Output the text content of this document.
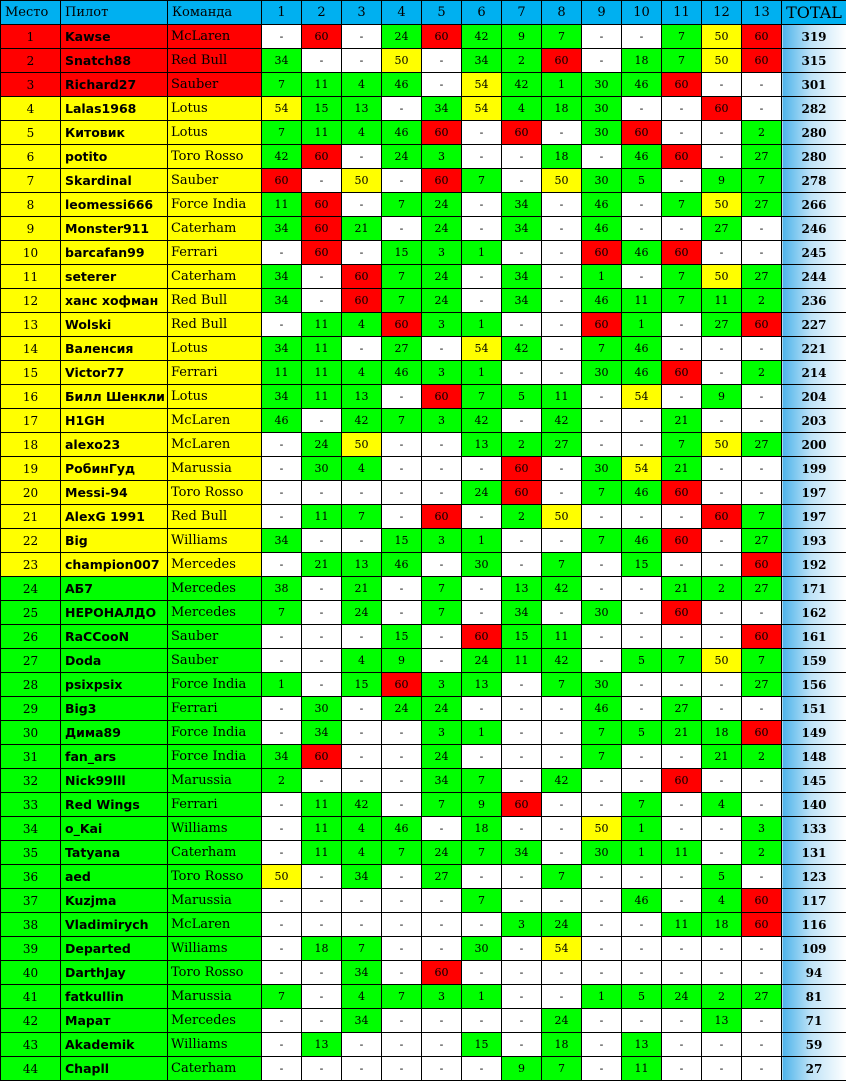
Место	Пилот	Команда	1	2	3	4	5	6	7	8	9	10	11	12	13	TOTAL
1	Kawse	McLaren	-	60	-	24	60	42	9	7	-	-	7	50	60	319
2	Snatch88	Red Bull	34	-	-	50	-	34	2	60	-	18	7	50	60	315
3	Richard27	Sauber	7	11	4	46	-	54	42	1	30	46	60	-	-	301
4	Lalas1968	Lotus	54	15	13	-	34	54	4	18	30	-	-	60	-	282
5	Китовик	Lotus	7	11	4	46	60	-	60	-	30	60	-	-	2	280
6	potito	Toro Rosso	42	60	-	24	3	-	-	18	-	46	60	-	27	280
7	Skardinal	Sauber	60	-	50	-	60	7	-	50	30	5	-	9	7	278
8	leomessi666	Force India	11	60	-	7	24	-	34	-	46	-	7	50	27	266
9	Monster911	Caterham	34	60	21	-	24	-	34	-	46	-	-	27	-	246
10	barcafan99	Ferrari	-	60	-	15	3	1	-	-	60	46	60	-	-	245
11	seterer	Caterham	34	-	60	7	24	-	34	-	1	-	7	50	27	244
12	ханс хофман	Red Bull	34	-	60	7	24	-	34	-	46	11	7	11	2	236
13	Wolski	Red Bull	-	11	4	60	3	1	-	-	60	1	-	27	60	227
14	Валенсия	Lotus	34	11	-	27	-	54	42	-	7	46	-	-	-	221
15	Victor77	Ferrari	11	11	4	46	3	1	-	-	30	46	60	-	2	214
16	Билл Шенкли	Lotus	34	11	13	-	60	7	5	11	-	54	-	9	-	204
17	H1GH	McLaren	46	-	42	7	3	42	-	42	-	-	21	-	-	203
18	alexo23	McLaren	-	24	50	-	-	13	2	27	-	-	7	50	27	200
19	РобинГуд	Marussia	-	30	4	-	-	-	60	-	30	54	21	-	-	199
20	Messi-94	Toro Rosso	-	-	-	-	-	24	60	-	7	46	60	-	-	197
21	AlexG 1991	Red Bull	-	11	7	-	60	-	2	50	-	-	-	60	7	197
22	Big	Williams	34	-	-	15	3	1	-	-	7	46	60	-	27	193
23	champion007	Mercedes	-	21	13	46	-	30	-	7	-	15	-	-	60	192
24	АБ7	Mercedes	38	-	21	-	7	-	13	42	-	-	21	2	27	171
25	НЕРОНАЛДО	Mercedes	7	-	24	-	7	-	34	-	30	-	60	-	-	162
26	RaCCooN	Sauber	-	-	-	15	-	60	15	11	-	-	-	-	60	161
27	Doda	Sauber	-	-	4	9	-	24	11	42	-	5	7	50	7	159
28	psixpsix	Force India	1	-	15	60	3	13	-	7	30	-	-	-	27	156
29	Big3	Ferrari	-	30	-	24	24	-	-	-	46	-	27	-	-	151
30	Дима89	Force India	-	34	-	-	3	1	-	-	7	5	21	18	60	149
31	fan_ars	Force India	34	60	-	-	24	-	-	-	7	-	-	21	2	148
32	Nick99lll	Marussia	2	-	-	-	34	7	-	42	-	-	60	-	-	145
33	Red Wings	Ferrari	-	11	42	-	7	9	60	-	-	7	-	4	-	140
34	o_Kai	Williams	-	11	4	46	-	18	-	-	50	1	-	-	3	133
35	Tatyana	Caterham	-	11	4	7	24	7	34	-	30	1	11	-	2	131
36	aed	Toro Rosso	50	-	34	-	27	-	-	7	-	-	-	5	-	123
37	Kuzjma	Marussia	-	-	-	-	-	7	-	-	-	46	-	4	60	117
38	Vladimirych	McLaren	-	-	-	-	-	-	3	24	-	-	11	18	60	116
39	Departed	Williams	-	18	7	-	-	30	-	54	-	-	-	-	-	109
40	DarthJay	Toro Rosso	-	-	34	-	60	-	-	-	-	-	-	-	-	94
41	fatkullin	Marussia	7	-	4	7	3	1	-	-	1	5	24	2	27	81
42	Марат	Mercedes	-	-	34	-	-	-	-	24	-	-	-	13	-	71
43	Akademik	Williams	-	13	-	-	-	15	-	18	-	13	-	-	-	59
44	Chapll	Caterham	-	-	-	-	-	-	9	7	-	11	-	-	-	27
